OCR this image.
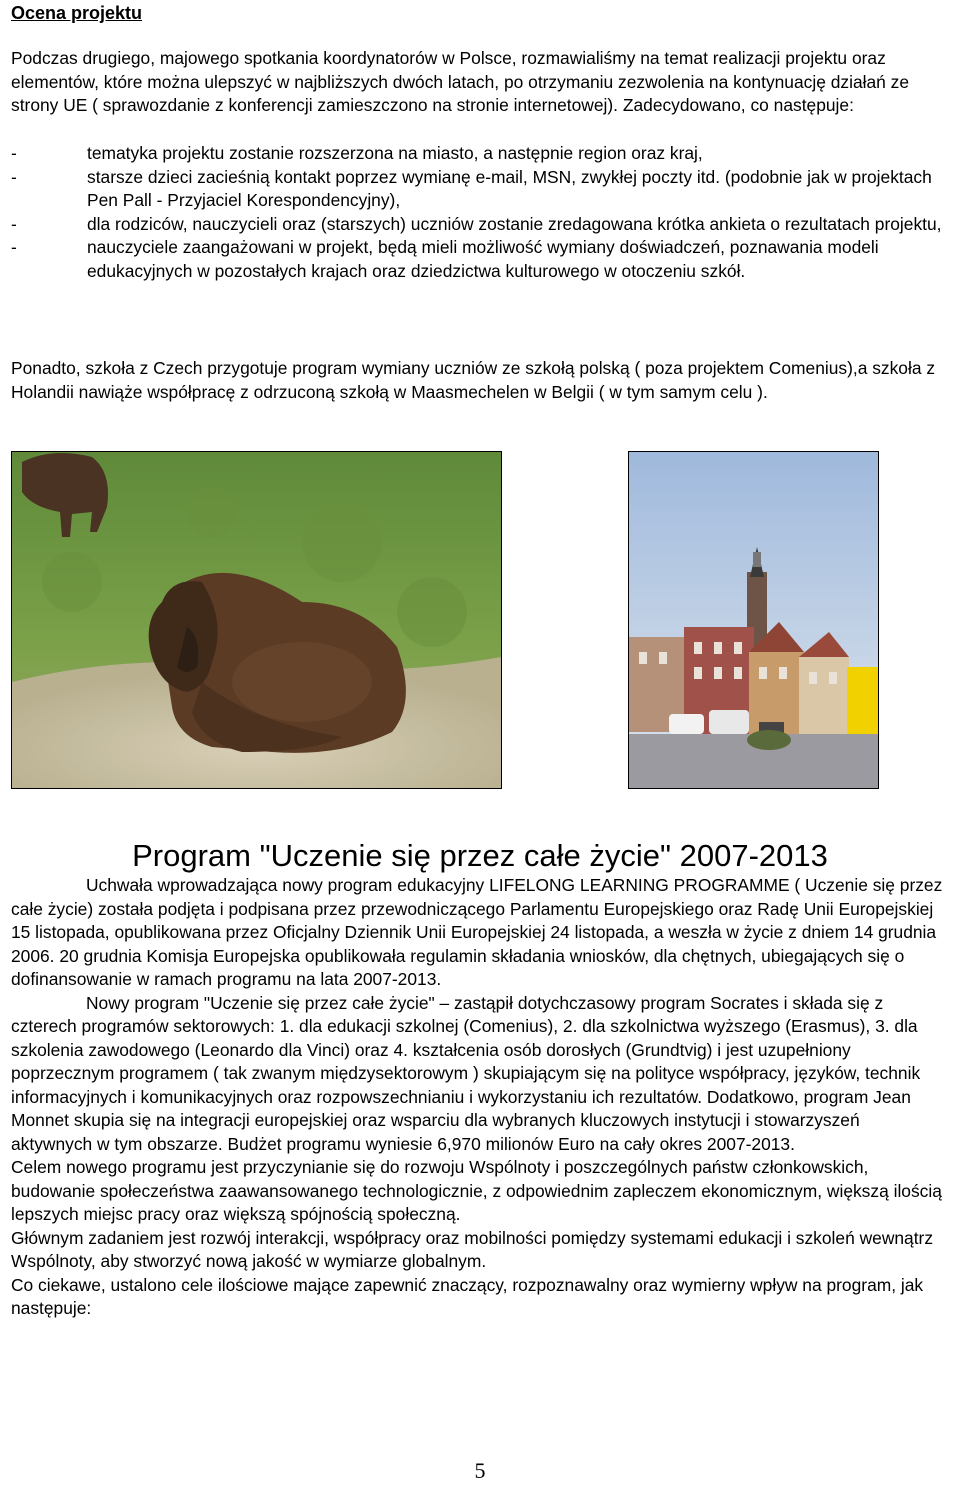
Ocena projektu
Podczas drugiego, majowego spotkania koordynatorów w Polsce, rozmawialiśmy na temat realizacji projektu oraz elementów, które można ulepszyć w najbliższych dwóch latach, po otrzymaniu zezwolenia na kontynuację działań ze strony UE ( sprawozdanie z konferencji zamieszczono na stronie internetowej). Zadecydowano, co następuje:
-	tematyka projektu zostanie rozszerzona na miasto, a następnie region oraz kraj,
-	starsze dzieci zacieśnią kontakt poprzez wymianę e-mail, MSN, zwykłej poczty itd. (podobnie jak w projektach Pen Pall - Przyjaciel Korespondencyjny),
-	dla rodziców, nauczycieli oraz (starszych) uczniów zostanie zredagowana krótka ankieta o rezultatach projektu,
-	nauczyciele zaangażowani w projekt, będą mieli możliwość wymiany doświadczeń, poznawania modeli edukacyjnych w pozostałych krajach oraz dziedzictwa kulturowego w otoczeniu szkół.
Ponadto, szkoła z Czech przygotuje program wymiany uczniów ze szkołą polską ( poza projektem Comenius),a szkoła z Holandii nawiąże współpracę z odrzuconą szkołą w Maasmechelen w Belgii ( w tym samym celu ).
Program "Uczenie się przez całe życie" 2007-2013

Uchwała wprowadzająca nowy program edukacyjny LIFELONG LEARNING PROGRAMME ( Uczenie się przez całe życie) została podjęta i podpisana przez przewodniczącego Parlamentu Europejskiego oraz Radę Unii Europejskiej 15 listopada, opublikowana przez Oficjalny Dziennik Unii Europejskiej 24 listopada, a weszła w życie z dniem 14 grudnia 2006. 20 grudnia Komisja Europejska opublikowała regulamin składania wniosków, dla chętnych, ubiegających się o dofinansowanie w ramach programu na lata 2007-2013.

Nowy program "Uczenie się przez całe życie" – zastąpił dotychczasowy program Socrates i składa się z czterech programów sektorowych: 1. dla edukacji szkolnej (Comenius), 2. dla szkolnictwa wyższego (Erasmus), 3. dla szkolenia zawodowego (Leonardo dla Vinci) oraz 4. kształcenia osób dorosłych (Grundtvig) i jest uzupełniony poprzecznym programem ( tak zwanym międzysektorowym ) skupiającym się na polityce współpracy, języków, technik informacyjnych i komunikacyjnych oraz rozpowszechnianiu i wykorzystaniu ich rezultatów. Dodatkowo, program Jean Monnet skupia się na integracji europejskiej oraz wsparciu dla wybranych kluczowych instytucji i stowarzyszeń aktywnych w tym obszarze. Budżet programu wyniesie 6,970 milionów Euro na cały okres 2007-2013.

Celem nowego programu jest przyczynianie się do rozwoju Wspólnoty i poszczególnych państw członkowskich, budowanie społeczeństwa zaawansowanego technologicznie, z odpowiednim zapleczem ekonomicznym, większą ilością lepszych miejsc pracy oraz większą spójnością społeczną.

Głównym zadaniem jest rozwój interakcji, współpracy oraz mobilności pomiędzy systemami edukacji i szkoleń wewnątrz Wspólnoty, aby stworzyć nową jakość w wymiarze globalnym.

Co ciekawe, ustalono cele ilościowe mające zapewnić znaczący, rozpoznawalny oraz wymierny wpływ na program, jak następuje:

5
